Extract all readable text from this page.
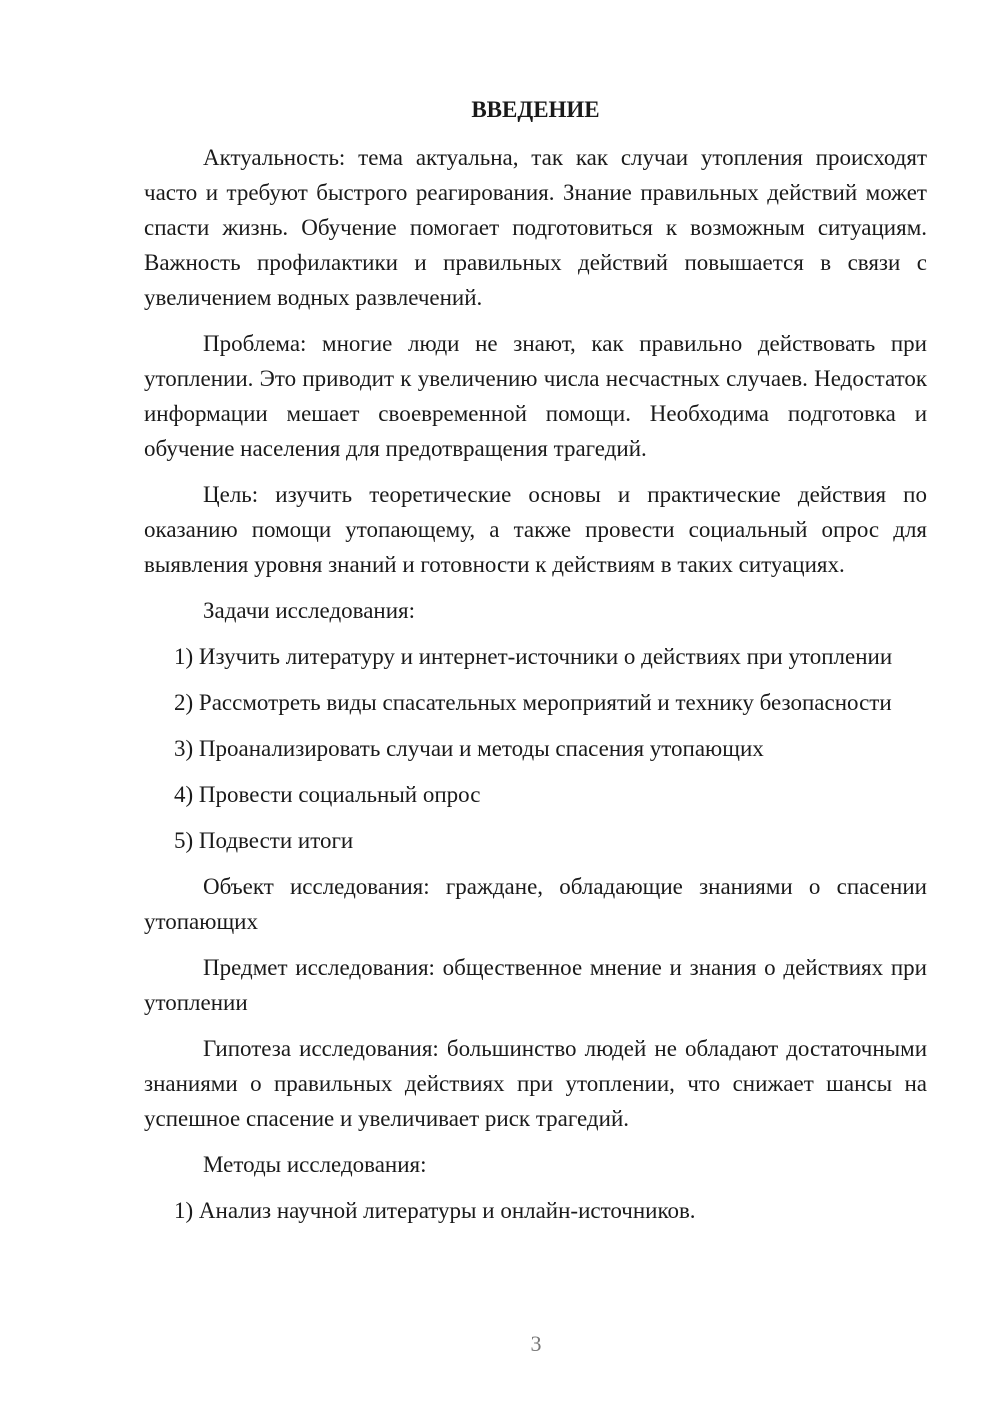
ВВЕДЕНИЕ

Актуальность: тема актуальна, так как случаи утопления происходят часто и требуют быстрого реагирования. Знание правильных действий может спасти жизнь. Обучение помогает подготовиться к возможным ситуациям. Важность профилактики и правильных действий повышается в связи с увеличением водных развлечений.

Проблема: многие люди не знают, как правильно действовать при утоплении. Это приводит к увеличению числа несчастных случаев. Недостаток информации мешает своевременной помощи. Необходима подготовка и обучение населения для предотвращения трагедий.

Цель: изучить теоретические основы и практические действия по оказанию помощи утопающему, а также провести социальный опрос для выявления уровня знаний и готовности к действиям в таких ситуациях.

Задачи исследования:

1) Изучить литературу и интернет-источники о действиях при утоплении

2) Рассмотреть виды спасательных мероприятий и технику безопасности

3) Проанализировать случаи и методы спасения утопающих

4) Провести социальный опрос

5) Подвести итоги

Объект исследования: граждане, обладающие знаниями о спасении утопающих

Предмет исследования: общественное мнение и знания о действиях при утоплении

Гипотеза исследования: большинство людей не обладают достаточными знаниями о правильных действиях при утоплении, что снижает шансы на успешное спасение и увеличивает риск трагедий.

Методы исследования:

1) Анализ научной литературы и онлайн-источников.

3
